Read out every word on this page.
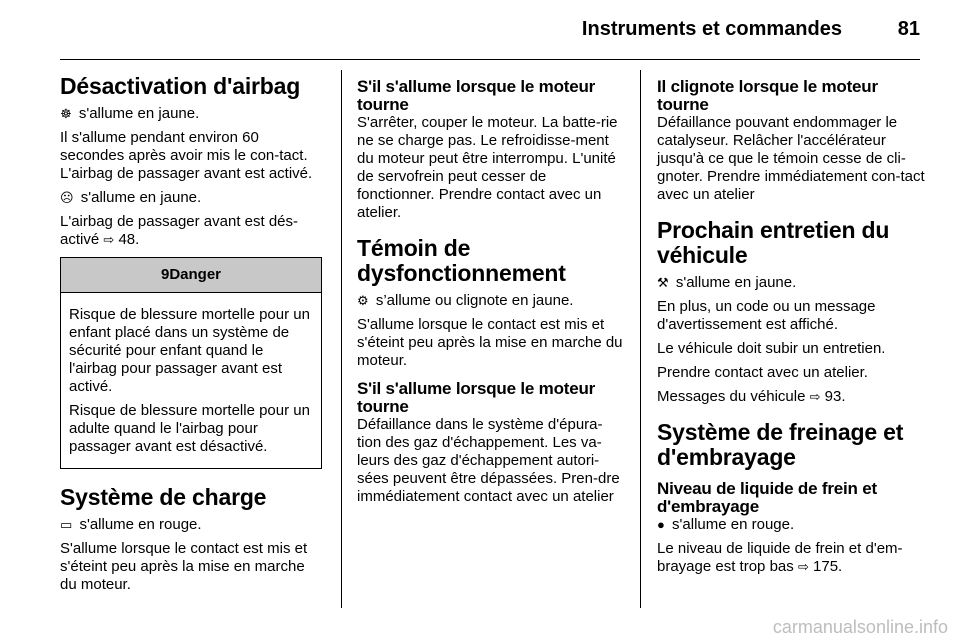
Instruments et commandes	81
Désactivation d'airbag

☸ s'allume en jaune.

Il s'allume pendant environ 60 secondes après avoir mis le con-tact. L'airbag de passager avant est activé.

☹ s'allume en jaune.

L'airbag de passager avant est dés-activé ⇨ 48.

9Danger

Risque de blessure mortelle pour un enfant placé dans un système de sécurité pour enfant quand le l'airbag pour passager avant est activé.

Risque de blessure mortelle pour un adulte quand le l'airbag pour passager avant est désactivé.

Système de charge

▭ s'allume en rouge.

S'allume lorsque le contact est mis et s'éteint peu après la mise en marche du moteur.

S'il s'allume lorsque le moteur tourne

S'arrêter, couper le moteur. La batte-rie ne se charge pas. Le refroidisse-ment du moteur peut être interrompu. L'unité de servofrein peut cesser de fonctionner. Prendre contact avec un atelier.

Témoin de dysfonctionnement

⚙ s’allume ou clignote en jaune.

S'allume lorsque le contact est mis et s'éteint peu après la mise en marche du moteur.

S'il s'allume lorsque le moteur tourne

Défaillance dans le système d'épura-tion des gaz d'échappement. Les va-leurs des gaz d'échappement autori-sées peuvent être dépassées. Pren-dre immédiatement contact avec un atelier

Il clignote lorsque le moteur tourne

Défaillance pouvant endommager le catalyseur. Relâcher l'accélérateur jusqu'à ce que le témoin cesse de cli-gnoter. Prendre immédiatement con-tact avec un atelier

Prochain entretien du véhicule

⚒ s'allume en jaune.

En plus, un code ou un message d'avertissement est affiché.

Le véhicule doit subir un entretien.

Prendre contact avec un atelier.

Messages du véhicule ⇨ 93.

Système de freinage et d'embrayage
Niveau de liquide de frein et d'embrayage

● s'allume en rouge.

Le niveau de liquide de frein et d'em-brayage est trop bas ⇨ 175.

carmanualsonline.info
